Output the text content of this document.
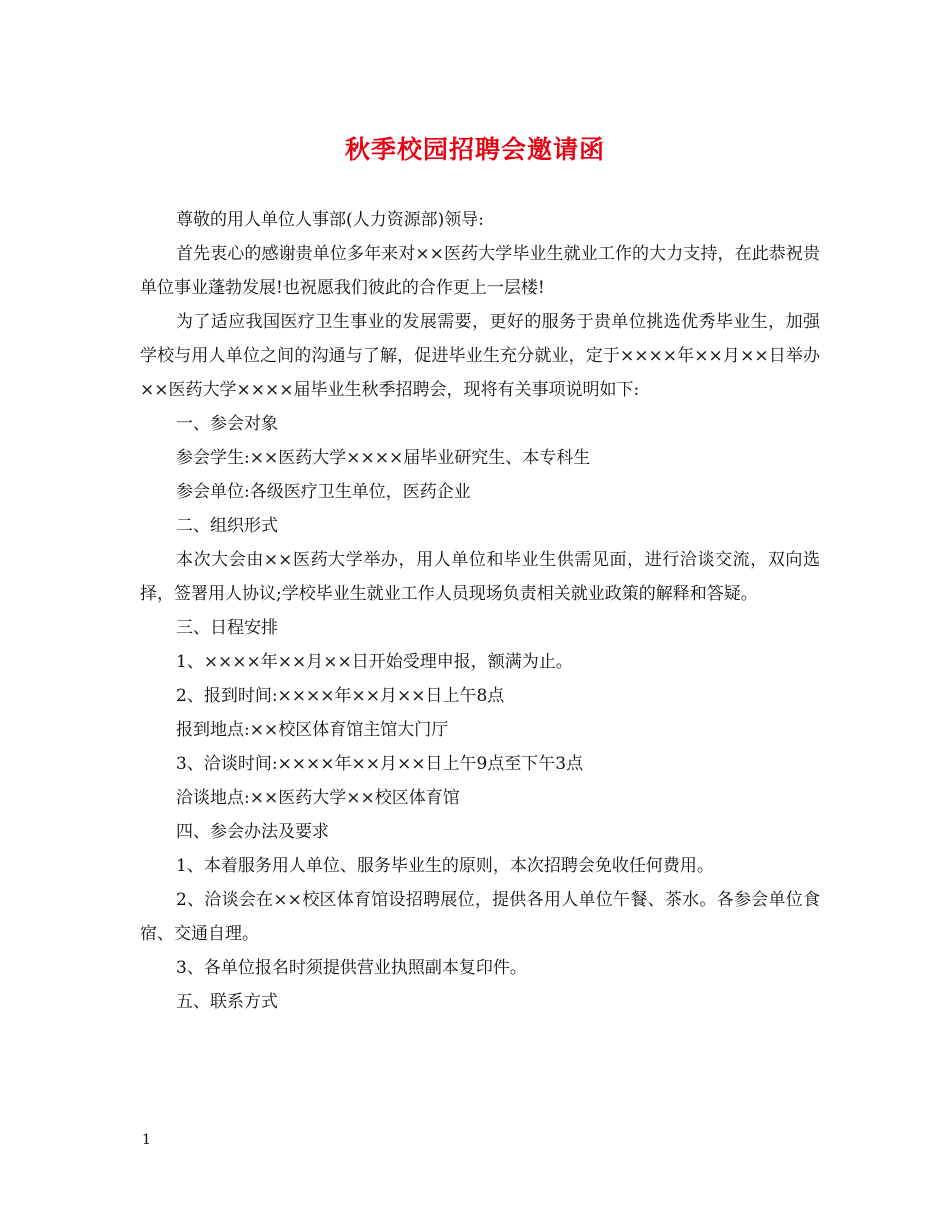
秋季校园招聘会邀请函

尊敬的用人单位人事部(人力资源部)领导:

首先衷心的感谢贵单位多年来对××医药大学毕业生就业工作的大力支持，在此恭祝贵单位事业蓬勃发展!也祝愿我们彼此的合作更上一层楼!

为了适应我国医疗卫生事业的发展需要，更好的服务于贵单位挑选优秀毕业生，加强学校与用人单位之间的沟通与了解，促进毕业生充分就业，定于××××年××月××日举办××医药大学××××届毕业生秋季招聘会，现将有关事项说明如下:

一、参会对象

参会学生:××医药大学××××届毕业研究生、本专科生

参会单位:各级医疗卫生单位，医药企业

二、组织形式

本次大会由××医药大学举办，用人单位和毕业生供需见面，进行洽谈交流，双向选择，签署用人协议;学校毕业生就业工作人员现场负责相关就业政策的解释和答疑。

三、日程安排

1、××××年××月××日开始受理申报，额满为止。

2、报到时间:××××年××月××日上午8点

报到地点:××校区体育馆主馆大门厅

3、洽谈时间:××××年××月××日上午9点至下午3点

洽谈地点:××医药大学××校区体育馆

四、参会办法及要求

1、本着服务用人单位、服务毕业生的原则，本次招聘会免收任何费用。

2、洽谈会在××校区体育馆设招聘展位，提供各用人单位午餐、茶水。各参会单位食宿、交通自理。

3、各单位报名时须提供营业执照副本复印件。

五、联系方式

1
